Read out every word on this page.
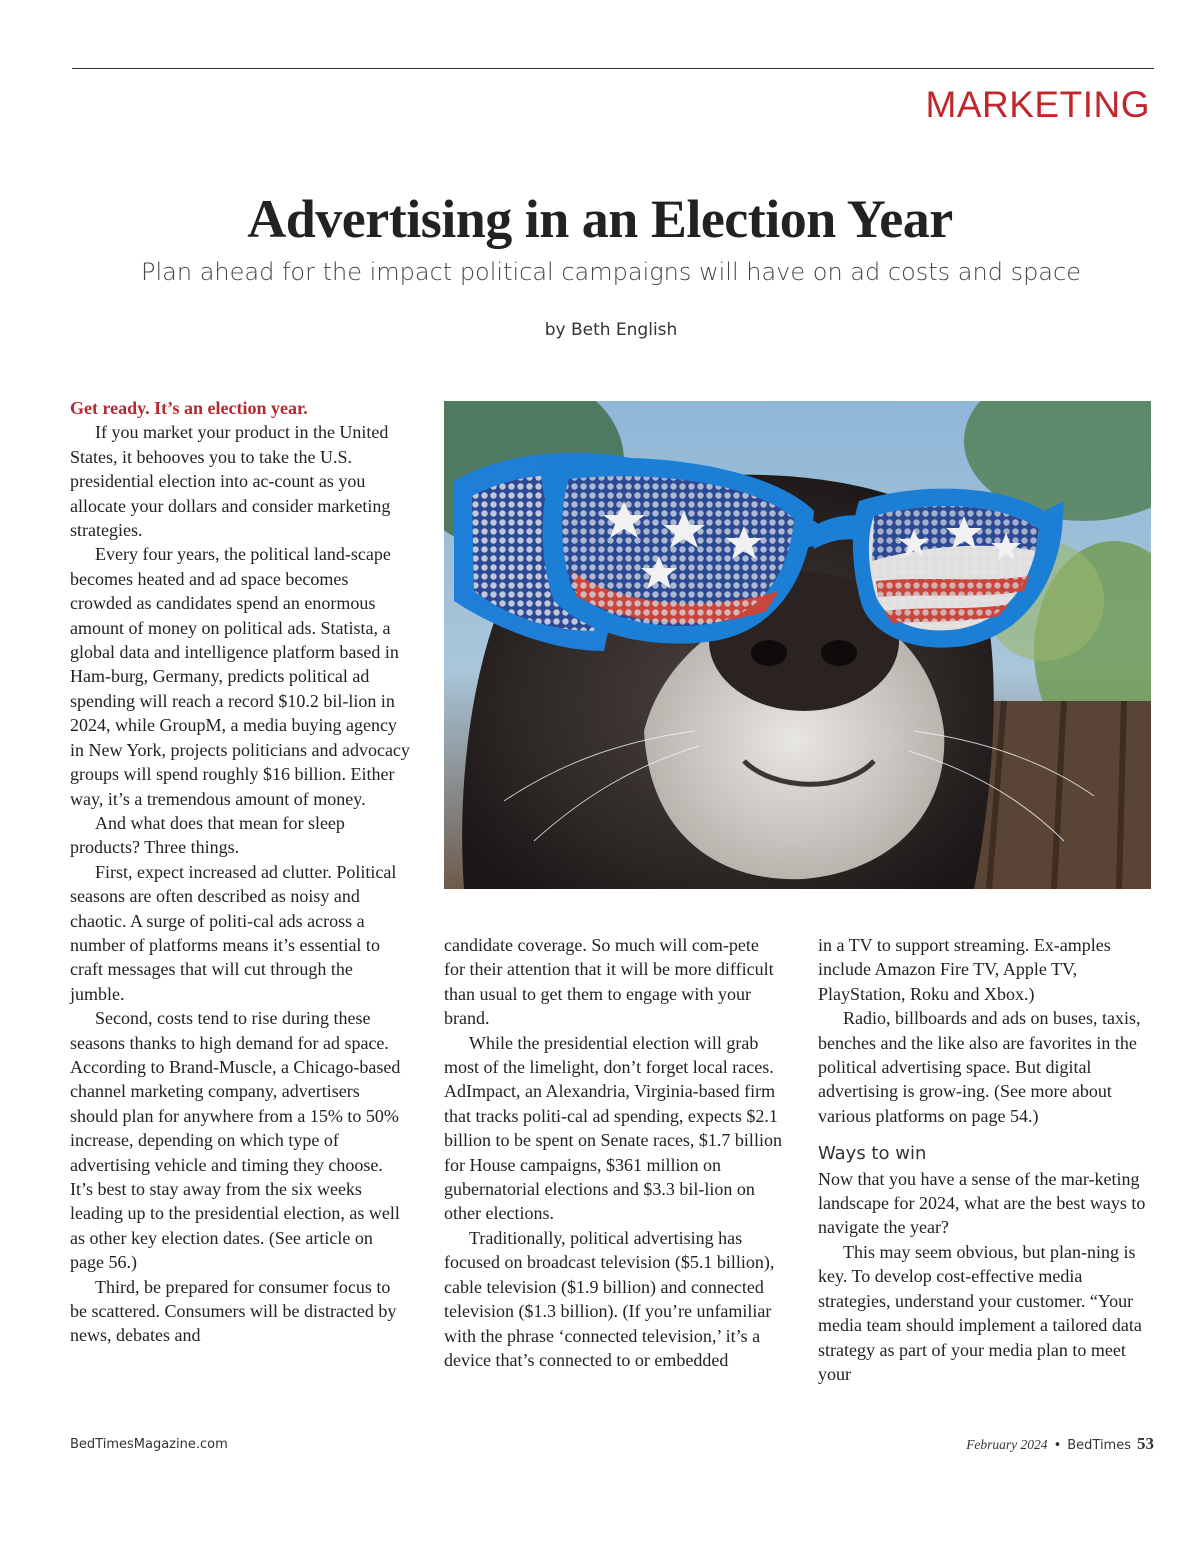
MARKETING
Advertising in an Election Year
Plan ahead for the impact political campaigns will have on ad costs and space
by Beth English

Get ready. It’s an election year.

If you market your product in the United States, it behooves you to take the U.S. presidential election into ac-count as you allocate your dollars and consider marketing strategies.

Every four years, the political land-scape becomes heated and ad space becomes crowded as candidates spend an enormous amount of money on political ads. Statista, a global data and intelligence platform based in Ham-burg, Germany, predicts political ad spending will reach a record $10.2 bil-lion in 2024, while GroupM, a media buying agency in New York, projects politicians and advocacy groups will spend roughly $16 billion. Either way, it’s a tremendous amount of money.

And what does that mean for sleep products? Three things.

First, expect increased ad clutter. Political seasons are often described as noisy and chaotic. A surge of politi-cal ads across a number of platforms means it’s essential to craft messages that will cut through the jumble.

Second, costs tend to rise during these seasons thanks to high demand for ad space. According to Brand-Muscle, a Chicago-based channel marketing company, advertisers should plan for anywhere from a 15% to 50% increase, depending on which type of advertising vehicle and timing they choose. It’s best to stay away from the six weeks leading up to the presidential election, as well as other key election dates. (See article on page 56.)

Third, be prepared for consumer focus to be scattered. Consumers will be distracted by news, debates and

candidate coverage. So much will com-pete for their attention that it will be more difficult than usual to get them to engage with your brand.

While the presidential election will grab most of the limelight, don’t forget local races. AdImpact, an Alexandria, Virginia-based firm that tracks politi-cal ad spending, expects $2.1 billion to be spent on Senate races, $1.7 billion for House campaigns, $361 million on gubernatorial elections and $3.3 bil-lion on other elections.

Traditionally, political advertising has focused on broadcast television ($5.1 billion), cable television ($1.9 billion) and connected television ($1.3 billion). (If you’re unfamiliar with the phrase ‘connected television,’ it’s a device that’s connected to or embedded

in a TV to support streaming. Ex-amples include Amazon Fire TV, Apple TV, PlayStation, Roku and Xbox.)

Radio, billboards and ads on buses, taxis, benches and the like also are favorites in the political advertising space. But digital advertising is grow-ing. (See more about various platforms on page 54.)

Ways to win

Now that you have a sense of the mar-keting landscape for 2024, what are the best ways to navigate the year?

This may seem obvious, but plan-ning is key. To develop cost-effective media strategies, understand your customer. “Your media team should implement a tailored data strategy as part of your media plan to meet your

BedTimesMagazine.com	February 2024 • BedTimes 53
